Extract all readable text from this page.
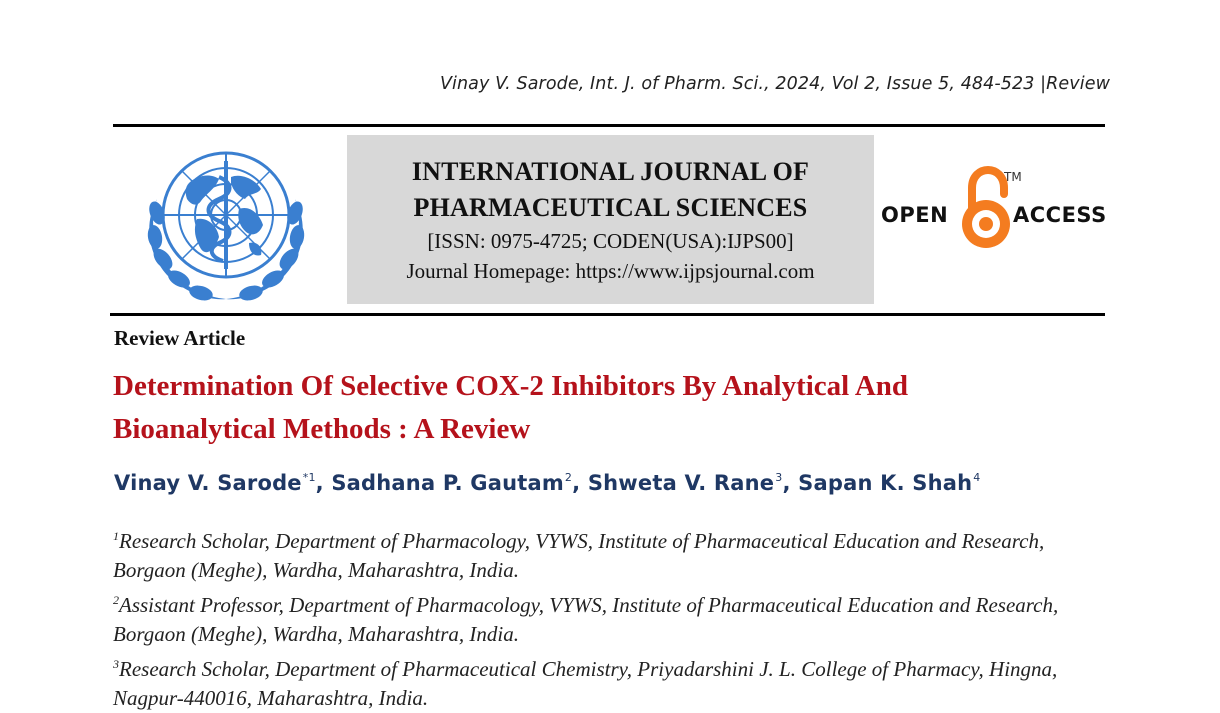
Vinay V. Sarode, Int. J. of Pharm. Sci., 2024, Vol 2, Issue 5, 484-523 |Review
INTERNATIONAL JOURNAL OF
PHARMACEUTICAL SCIENCES
[ISSN: 0975-4725; CODEN(USA):IJPS00]
Journal Homepage: https://www.ijpsjournal.com
OPEN
TM
ACCESS
Review Article
Determination Of Selective COX-2 Inhibitors By Analytical And
Bioanalytical Methods : A Review
Vinay V. Sarode$^{*1}$, Sadhana P. Gautam$^2$, Shweta V. Rane$^3$, Sapan K. Shah$^4$
$^1$Research Scholar, Department of Pharmacology, VYWS, Institute of Pharmaceutical Education and Research,
Borgaon (Meghe), Wardha, Maharashtra, India.
$^2$Assistant Professor, Department of Pharmacology, VYWS, Institute of Pharmaceutical Education and Research,
Borgaon (Meghe), Wardha, Maharashtra, India.
$^3$Research Scholar, Department of Pharmaceutical Chemistry, Priyadarshini J. L. College of Pharmacy, Hingna,
Nagpur-440016, Maharashtra, India.
